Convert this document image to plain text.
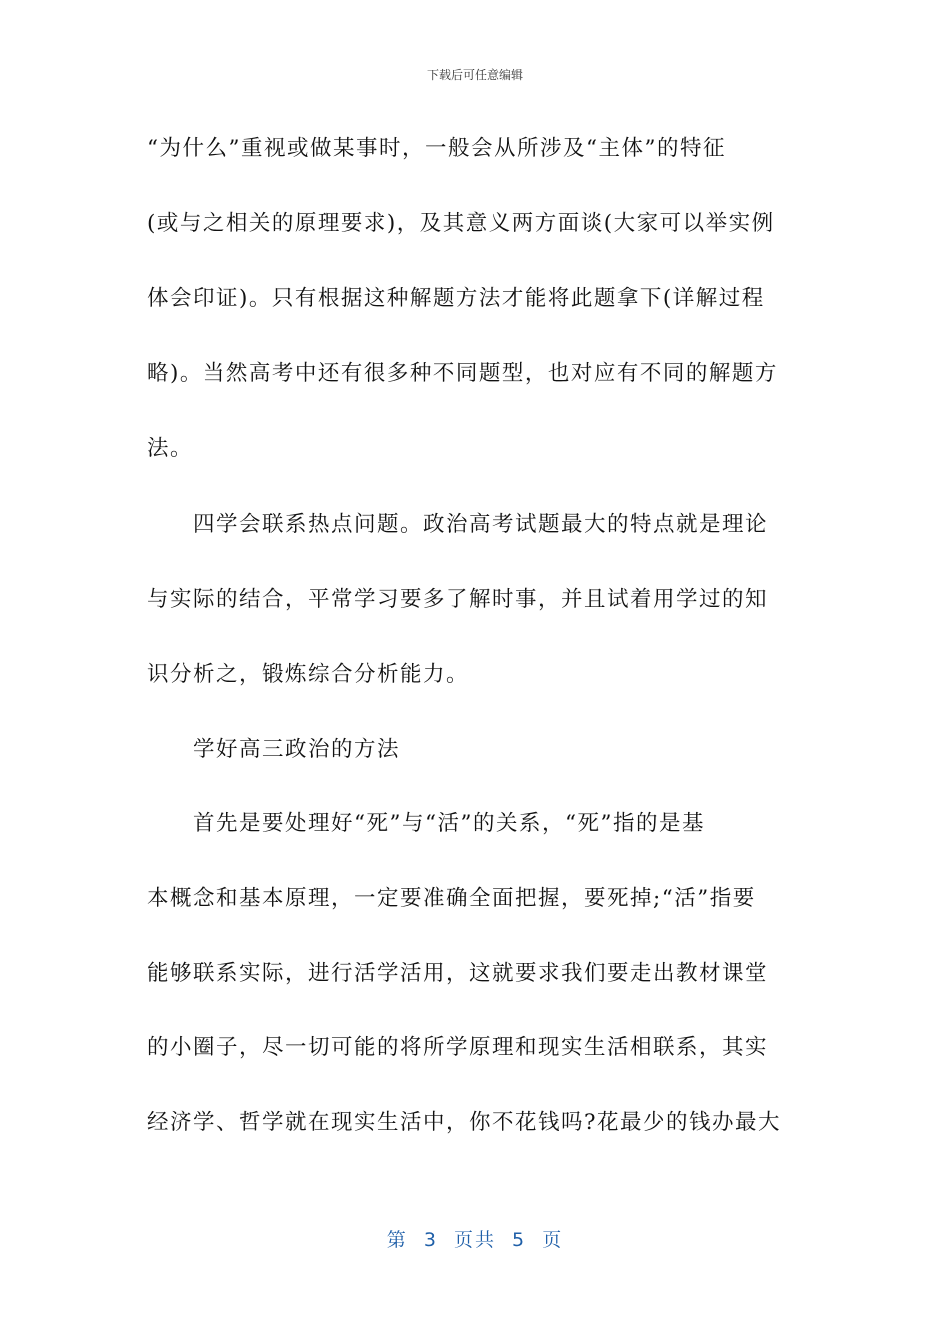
下载后可任意编辑
“为什么”重视或做某事时，一般会从所涉及“主体”的特征
(或与之相关的原理要求)，及其意义两方面谈(大家可以举实例
体会印证)。只有根据这种解题方法才能将此题拿下(详解过程
略)。当然高考中还有很多种不同题型，也对应有不同的解题方
法。
　　四学会联系热点问题。政治高考试题最大的特点就是理论
与实际的结合，平常学习要多了解时事，并且试着用学过的知
识分析之，锻炼综合分析能力。
　　学好高三政治的方法
　　首先是要处理好“死”与“活”的关系，“死”指的是基
本概念和基本原理，一定要准确全面把握，要死掉;“活”指要
能够联系实际，进行活学活用，这就要求我们要走出教材课堂
的小圈子，尽一切可能的将所学原理和现实生活相联系，其实
经济学、哲学就在现实生活中，你不花钱吗?花最少的钱办最大
第 3 页共 5 页
